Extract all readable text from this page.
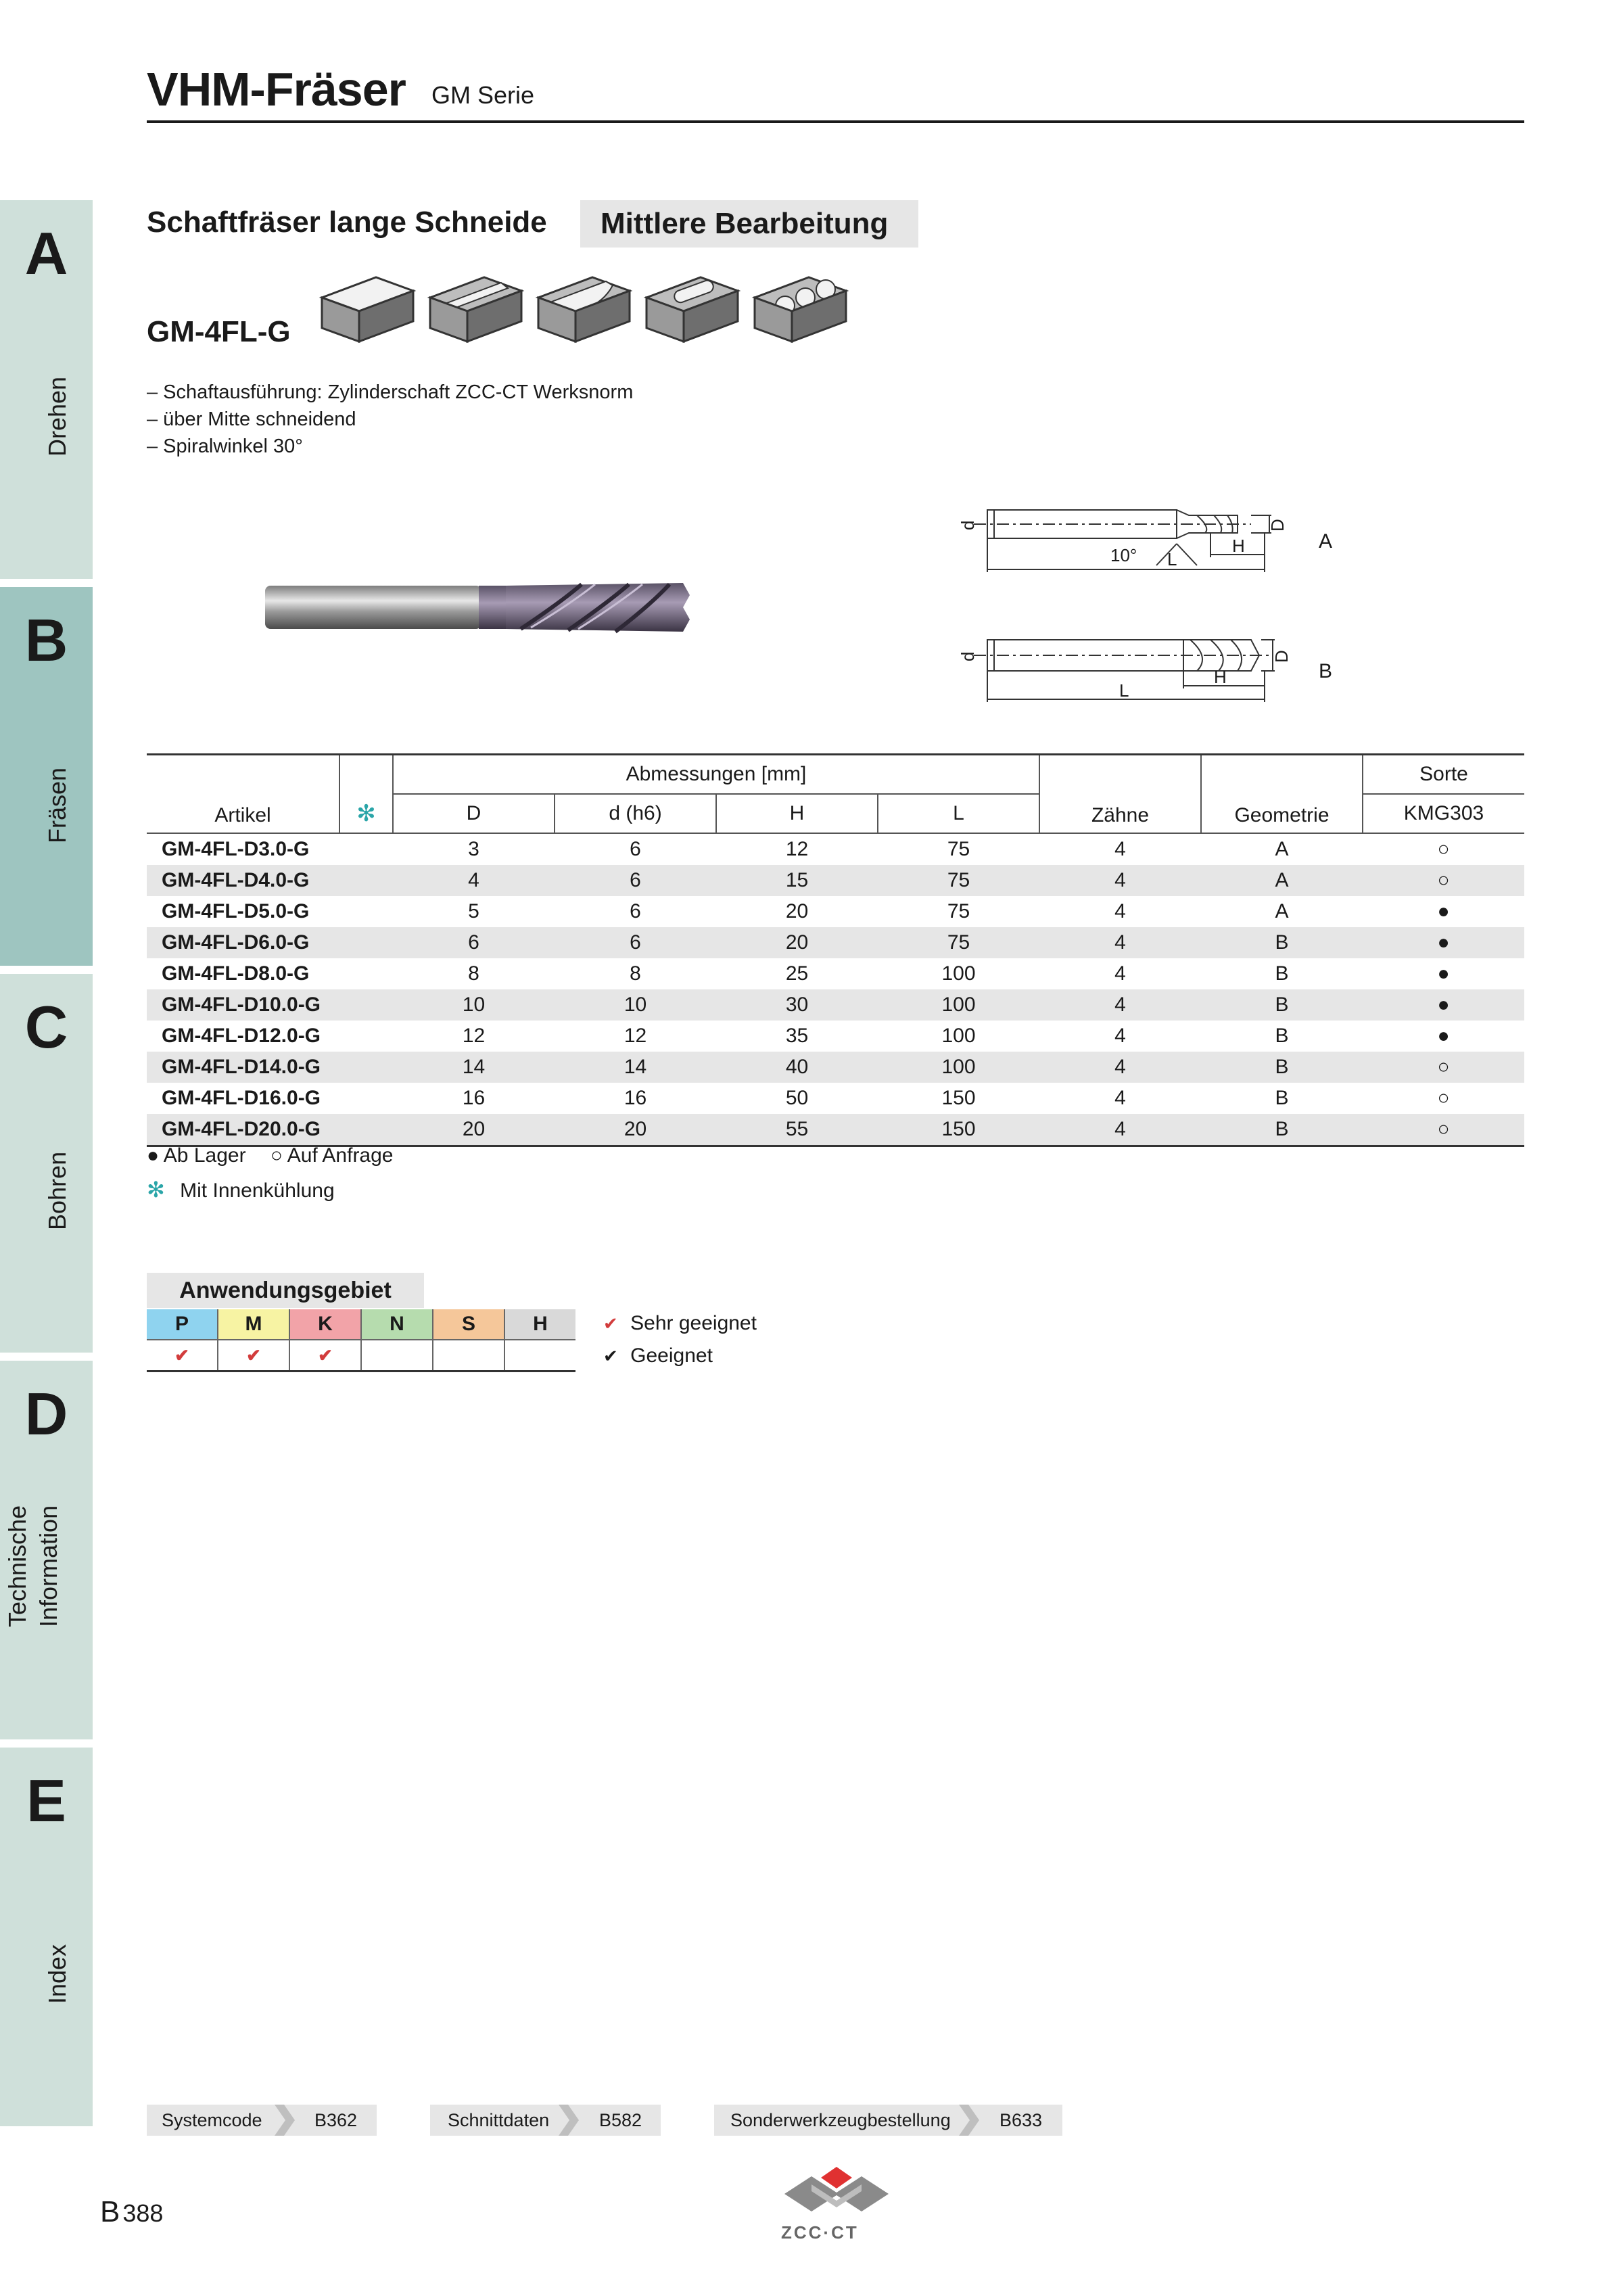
VHM-Fräser GM Serie
A
Drehen
B
Fräsen
C
Bohren
D
Technische Information
E
Index
Schaftfräser lange Schneide	Mittlere Bearbeitung
GM-4FL-G
– Schaftausführung: Zylinderschaft ZCC-CT Werksnorm
– über Mitte schneidend
– Spiralwinkel 30°
d	D
H
L
10°
A
d	D
H
L
B
Artikel	✻	Abmessungen [mm]				Zähne	Geometrie	Sorte
		D	d (h6)	H	L			KMG303
GM-4FL-D3.0-G		3	6	12	75	4	A	○
GM-4FL-D4.0-G		4	6	15	75	4	A	○
GM-4FL-D5.0-G		5	6	20	75	4	A	●
GM-4FL-D6.0-G		6	6	20	75	4	B	●
GM-4FL-D8.0-G		8	8	25	100	4	B	●
GM-4FL-D10.0-G		10	10	30	100	4	B	●
GM-4FL-D12.0-G		12	12	35	100	4	B	●
GM-4FL-D14.0-G		14	14	40	100	4	B	○
GM-4FL-D16.0-G		16	16	50	150	4	B	○
GM-4FL-D20.0-G		20	20	55	150	4	B	○
● Ab Lager ○ Auf Anfrage
✻ Mit Innenkühlung
Anwendungsgebiet
P	M	K	N	S	H
✔	✔	✔			
✔ Sehr geeignet
✔ Geeignet
Systemcode	B362	Schnittdaten	B582	Sonderwerkzeugbestellung	B633
B 388
ZCC·CT
